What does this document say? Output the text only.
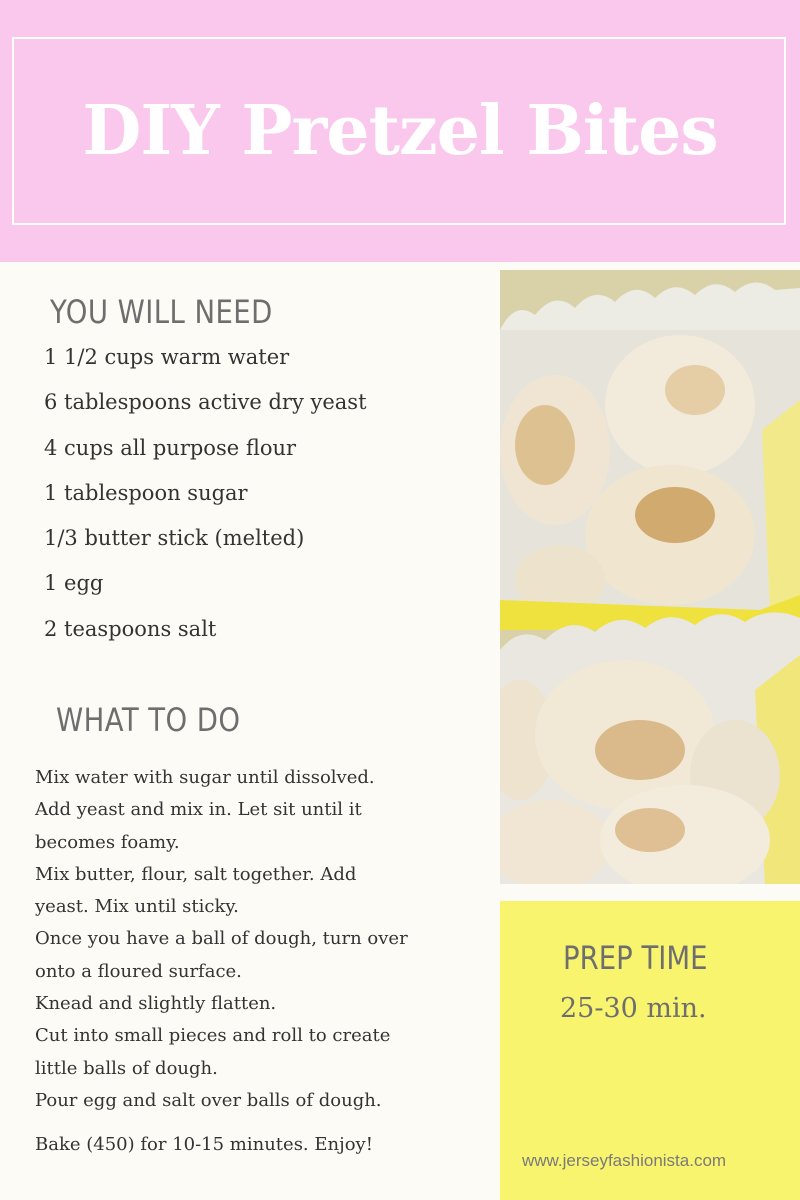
DIY Pretzel Bites
YOU WILL NEED
1 1/2 cups warm water
6 tablespoons active dry yeast
4 cups all purpose flour
1 tablespoon sugar
1/3 butter stick (melted)
1 egg
2 teaspoons salt
WHAT TO DO
Mix water with sugar until dissolved.
Add yeast and mix in. Let sit until it
becomes foamy.
Mix butter, flour, salt together. Add
yeast. Mix until sticky.
Once you have a ball of dough, turn over
onto a floured surface.
Knead and slightly flatten.
Cut into small pieces and roll to create
little balls of dough.
Pour egg and salt over balls of dough.
Bake (450) for 10-15 minutes. Enjoy!
PREP TIME
25-30 min.
www.jerseyfashionista.com
